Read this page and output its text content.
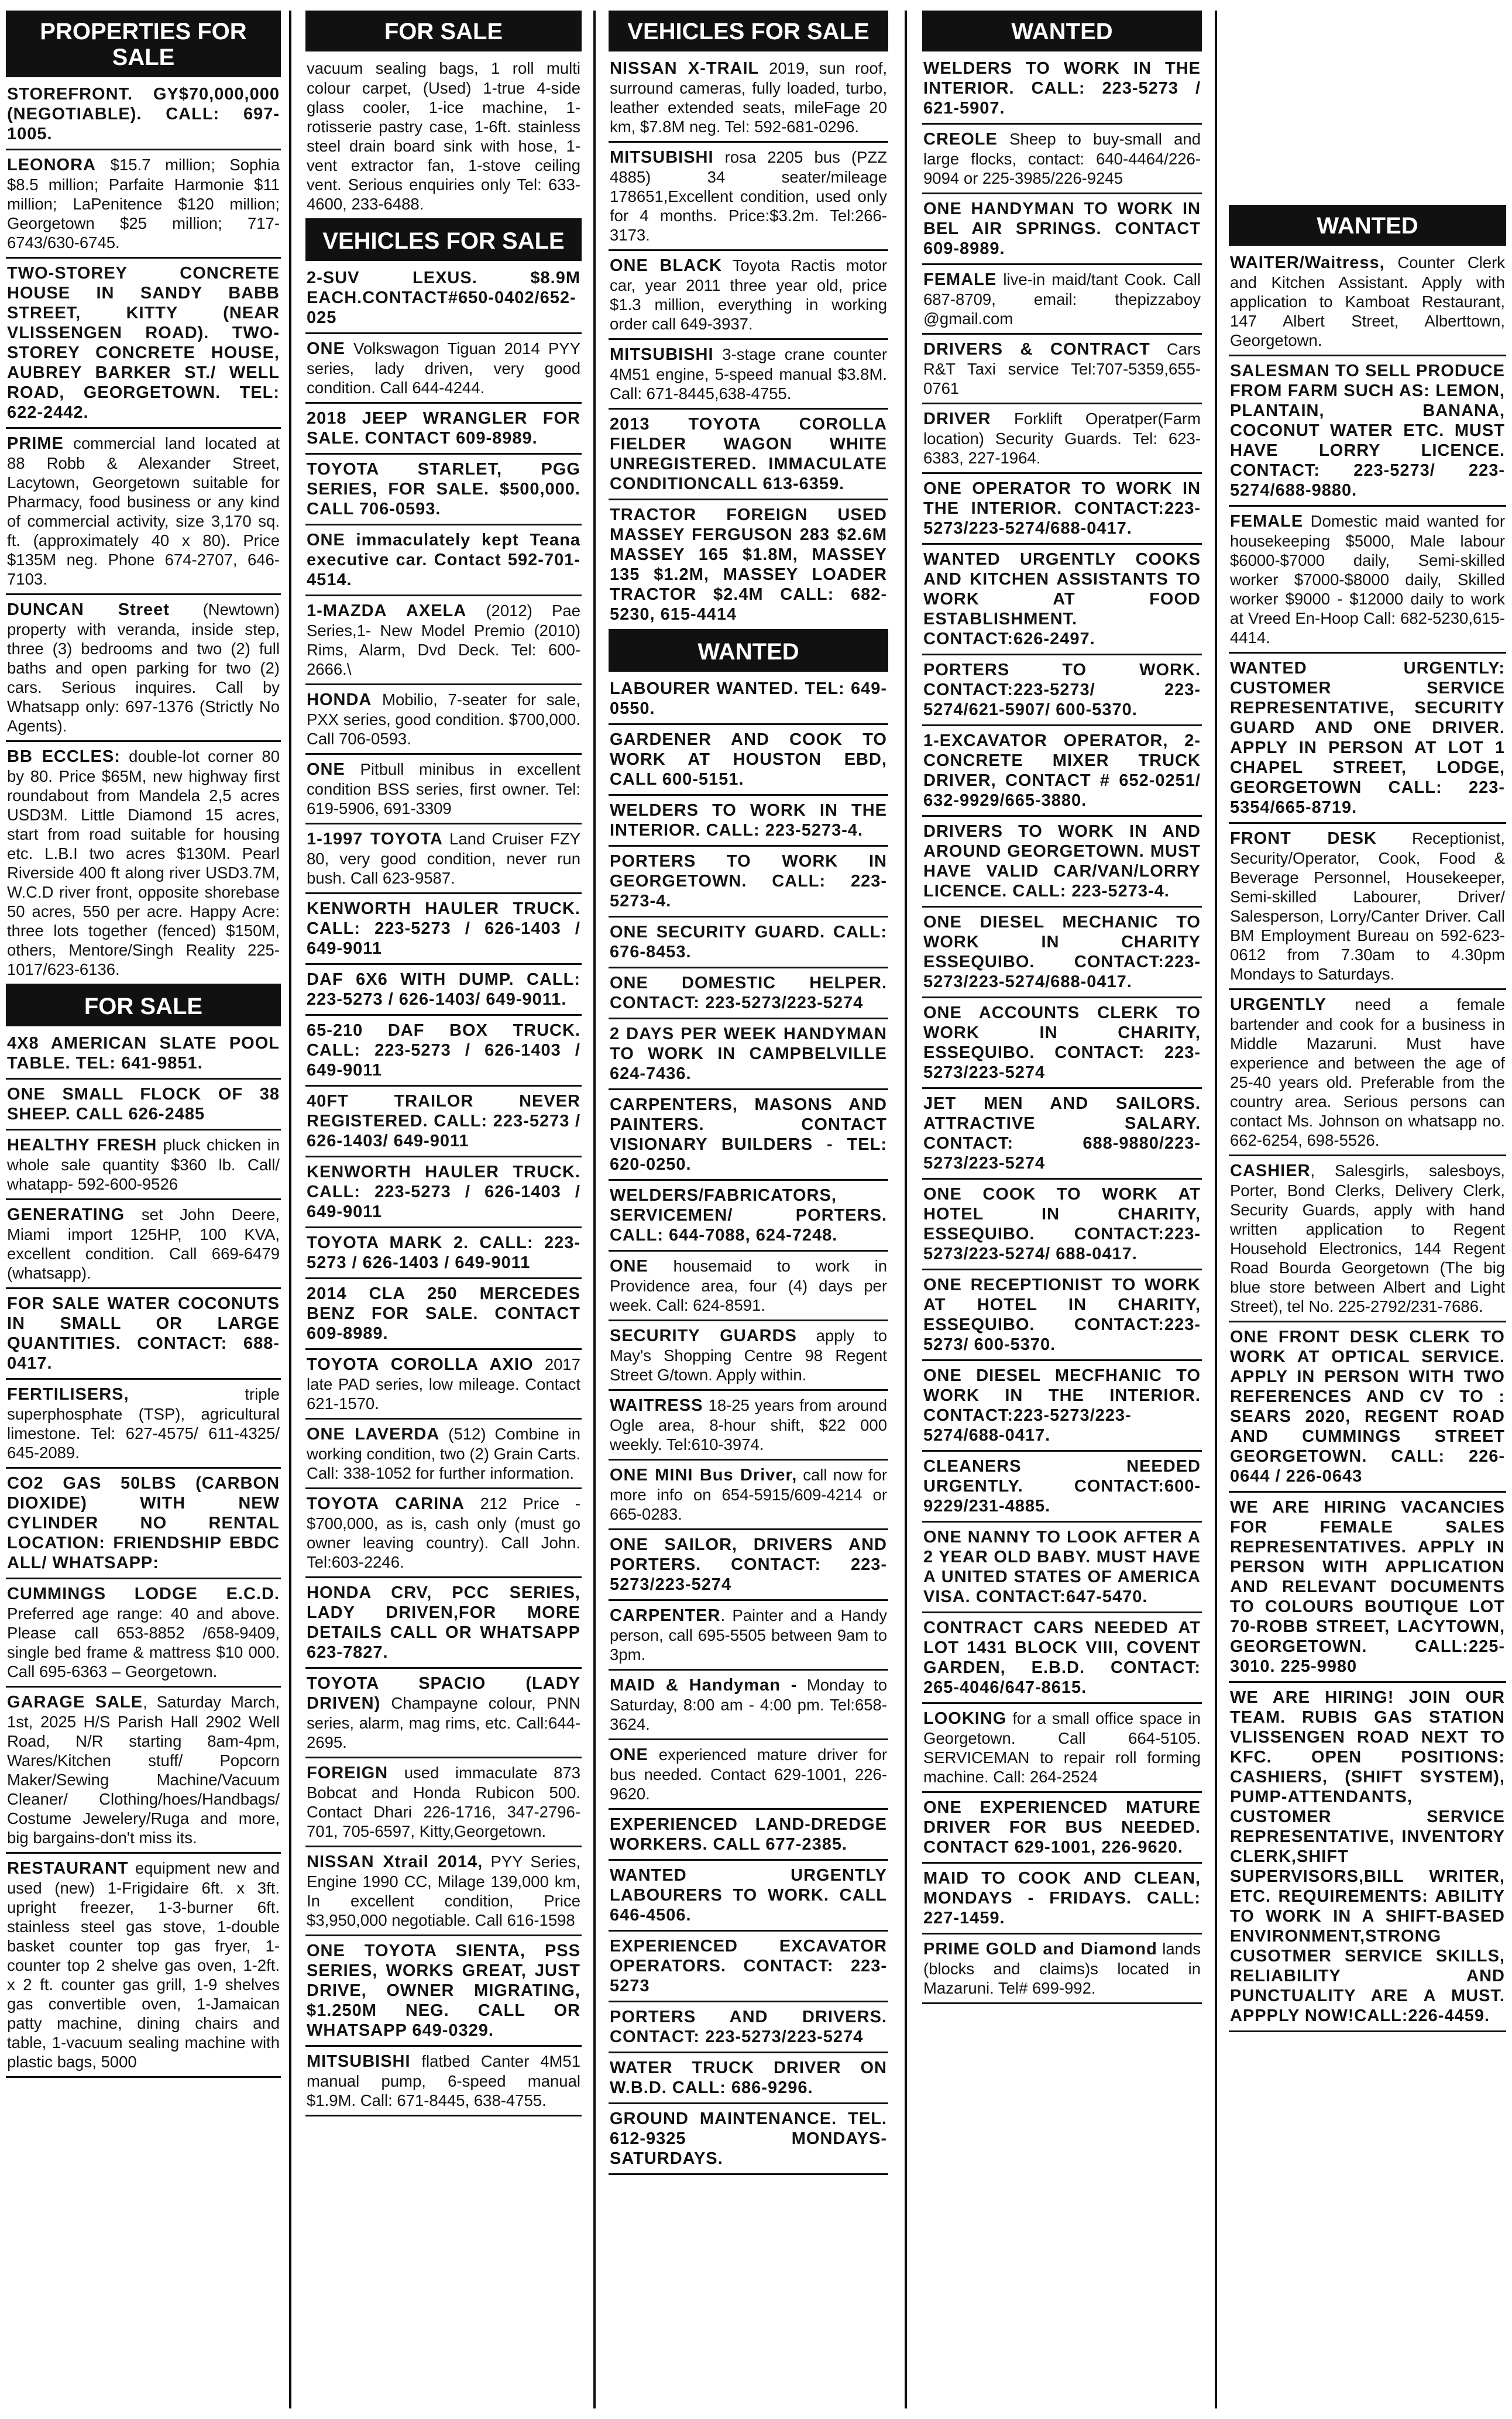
PROPERTIES FOR SALE
STOREFRONT. GY$70,000,000 (NEGOTIABLE). CALL: 697-1005.
LEONORA $15.7 million; Sophia $8.5 million; Parfaite Harmonie $11 million; LaPenitence $120 million; Georgetown $25 million; 717-6743/630-6745.
TWO-STOREY CONCRETE HOUSE IN SANDY BABB STREET, KITTY (NEAR VLISSENGEN ROAD). TWO-STOREY CONCRETE HOUSE, AUBREY BARKER ST./ WELL ROAD, GEORGETOWN. TEL: 622-2442.
PRIME commercial land located at 88 Robb & Alexander Street, Lacytown, Georgetown suitable for Pharmacy, food business or any kind of commercial activity, size 3,170 sq. ft. (approximately 40 x 80). Price $135M neg. Phone 674-2707, 646-7103.
DUNCAN Street (Newtown) property with veranda, inside step, three (3) bedrooms and two (2) full baths and open parking for two (2) cars. Serious inquires. Call by Whatsapp only: 697-1376 (Strictly No Agents).
BB ECCLES: double-lot corner 80 by 80. Price $65M, new highway first roundabout from Mandela 2,5 acres USD3M. Little Diamond 15 acres, start from road suitable for housing etc. L.B.I two acres $130M. Pearl Riverside 400 ft along river USD3.7M, W.C.D river front, opposite shorebase 50 acres, 550 per acre. Happy Acre: three lots together (fenced) $150M, others, Mentore/Singh Reality 225-1017/623-6136.
FOR SALE
4X8 AMERICAN SLATE POOL TABLE. TEL: 641-9851.
ONE SMALL FLOCK OF 38 SHEEP. CALL 626-2485
HEALTHY FRESH pluck chicken in whole sale quantity $360 lb. Call/ whatapp- 592-600-9526
GENERATING set John Deere, Miami import 125HP, 100 KVA, excellent condition. Call 669-6479 (whatsapp).
FOR SALE WATER COCONUTS IN SMALL OR LARGE QUANTITIES. CONTACT: 688-0417.
FERTILISERS, triple superphosphate (TSP), agricultural limestone. Tel: 627-4575/ 611-4325/ 645-2089.
CO2 GAS 50LBS (CARBON DIOXIDE) WITH NEW CYLINDER NO RENTAL LOCATION: FRIENDSHIP EBDC ALL/ WHATSAPP:
CUMMINGS LODGE E.C.D. Preferred age range: 40 and above. Please call 653-8852 /658-9409, single bed frame & mattress $10 000. Call 695-6363 – Georgetown.
GARAGE SALE, Saturday March, 1st, 2025 H/S Parish Hall 2902 Well Road, N/R starting 8am-4pm, Wares/Kitchen stuff/ Popcorn Maker/Sewing Machine/Vacuum Cleaner/ Clothing/hoes/Handbags/ Costume Jewelery/Ruga and more, big bargains-don't miss its.
RESTAURANT equipment new and used (new) 1-Frigidaire 6ft. x 3ft. upright freezer, 1-3-burner 6ft. stainless steel gas stove, 1-double basket counter top gas fryer, 1-counter top 2 shelve gas oven, 1-2ft. x 2 ft. counter gas grill, 1-9 shelves gas convertible oven, 1-Jamaican patty machine, dining chairs and table, 1-vacuum sealing machine with plastic bags, 5000
FOR SALE
vacuum sealing bags, 1 roll multi colour carpet, (Used) 1-true 4-side glass cooler, 1-ice machine, 1-rotisserie pastry case, 1-6ft. stainless steel drain board sink with hose, 1-vent extractor fan, 1-stove ceiling vent. Serious enquiries only Tel: 633-4600, 233-6488.
VEHICLES FOR SALE
2-SUV LEXUS. $8.9M EACH.CONTACT#650-0402/652-025
ONE Volkswagon Tiguan 2014 PYY series, lady driven, very good condition. Call 644-4244.
2018 JEEP WRANGLER FOR SALE. CONTACT 609-8989.
TOYOTA STARLET, PGG SERIES, FOR SALE. $500,000. CALL 706-0593.
ONE immaculately kept Teana executive car. Contact 592-701-4514.
1-MAZDA AXELA (2012) Pae Series,1- New Model Premio (2010) Rims, Alarm, Dvd Deck. Tel: 600-2666.\
HONDA Mobilio, 7-seater for sale, PXX series, good condition. $700,000. Call 706-0593.
ONE Pitbull minibus in excellent condition BSS series, first owner. Tel: 619-5906, 691-3309
1-1997 TOYOTA Land Cruiser FZY 80, very good condition, never run bush. Call 623-9587.
KENWORTH HAULER TRUCK. CALL: 223-5273 / 626-1403 / 649-9011
DAF 6X6 WITH DUMP. CALL: 223-5273 / 626-1403/ 649-9011.
65-210 DAF BOX TRUCK. CALL: 223-5273 / 626-1403 / 649-9011
40FT TRAILOR NEVER REGISTERED. CALL: 223-5273 / 626-1403/ 649-9011
KENWORTH HAULER TRUCK. CALL: 223-5273 / 626-1403 / 649-9011
TOYOTA MARK 2. CALL: 223-5273 / 626-1403 / 649-9011
2014 CLA 250 MERCEDES BENZ FOR SALE. CONTACT 609-8989.
TOYOTA COROLLA AXIO 2017 late PAD series, low mileage. Contact 621-1570.
ONE LAVERDA (512) Combine in working condition, two (2) Grain Carts. Call: 338-1052 for further information.
TOYOTA CARINA 212 Price - $700,000, as is, cash only (must go owner leaving country). Call John. Tel:603-2246.
HONDA CRV, PCC SERIES, LADY DRIVEN,FOR MORE DETAILS CALL OR WHATSAPP 623-7827.
TOYOTA SPACIO (LADY DRIVEN) Champayne colour, PNN series, alarm, mag rims, etc. Call:644-2695.
FOREIGN used immaculate 873 Bobcat and Honda Rubicon 500. Contact Dhari 226-1716, 347-2796-701, 705-6597, Kitty,Georgetown.
NISSAN Xtrail 2014, PYY Series, Engine 1990 CC, Milage 139,000 km, In excellent condition, Price $3,950,000 negotiable. Call 616-1598
ONE TOYOTA SIENTA, PSS SERIES, WORKS GREAT, JUST DRIVE, OWNER MIGRATING, $1.250M NEG. CALL OR WHATSAPP 649-0329.
MITSUBISHI flatbed Canter 4M51 manual pump, 6-speed manual $1.9M. Call: 671-8445, 638-4755.
VEHICLES FOR SALE
NISSAN X-TRAIL 2019, sun roof, surround cameras, fully loaded, turbo, leather extended seats, mileFage 20 km, $7.8M neg. Tel: 592-681-0296.
MITSUBISHI rosa 2205 bus (PZZ 4885) 34 seater/mileage 178651,Excellent condition, used only for 4 months. Price:$3.2m. Tel:266-3173.
ONE BLACK Toyota Ractis motor car, year 2011 three year old, price $1.3 million, everything in working order call 649-3937.
MITSUBISHI 3-stage crane counter 4M51 engine, 5-speed manual $3.8M. Call: 671-8445,638-4755.
2013 TOYOTA COROLLA FIELDER WAGON WHITE UNREGISTERED. IMMACULATE CONDITIONCALL 613-6359.
TRACTOR FOREIGN USED MASSEY FERGUSON 283 $2.6M MASSEY 165 $1.8M, MASSEY 135 $1.2M, MASSEY LOADER TRACTOR $2.4M CALL: 682-5230, 615-4414
WANTED
LABOURER WANTED. TEL: 649-0550.
GARDENER AND COOK TO WORK AT HOUSTON EBD, CALL 600-5151.
WELDERS TO WORK IN THE INTERIOR. CALL: 223-5273-4.
PORTERS TO WORK IN GEORGETOWN. CALL: 223-5273-4.
ONE SECURITY GUARD. CALL: 676-8453.
ONE DOMESTIC HELPER. CONTACT: 223-5273/223-5274
2 DAYS PER WEEK HANDYMAN TO WORK IN CAMPBELVILLE 624-7436.
CARPENTERS, MASONS AND PAINTERS. CONTACT VISIONARY BUILDERS - TEL: 620-0250.
WELDERS/FABRICATORS, SERVICEMEN/ PORTERS. CALL: 644-7088, 624-7248.
ONE housemaid to work in Providence area, four (4) days per week. Call: 624-8591.
SECURITY GUARDS apply to May's Shopping Centre 98 Regent Street G/town. Apply within.
WAITRESS 18-25 years from around Ogle area, 8-hour shift, $22 000 weekly. Tel:610-3974.
ONE MINI Bus Driver, call now for more info on 654-5915/609-4214 or 665-0283.
ONE SAILOR, DRIVERS AND PORTERS. CONTACT: 223-5273/223-5274
CARPENTER. Painter and a Handy person, call 695-5505 between 9am to 3pm.
MAID & Handyman - Monday to Saturday, 8:00 am - 4:00 pm. Tel:658-3624.
ONE experienced mature driver for bus needed. Contact 629-1001, 226-9620.
EXPERIENCED LAND-DREDGE WORKERS. CALL 677-2385.
WANTED URGENTLY LABOURERS TO WORK. CALL 646-4506.
EXPERIENCED EXCAVATOR OPERATORS. CONTACT: 223-5273
PORTERS AND DRIVERS. CONTACT: 223-5273/223-5274
WATER TRUCK DRIVER ON W.B.D. CALL: 686-9296.
GROUND MAINTENANCE. TEL. 612-9325 MONDAYS-SATURDAYS.
WANTED
WELDERS TO WORK IN THE INTERIOR. CALL: 223-5273 / 621-5907.
CREOLE Sheep to buy-small and large flocks, contact: 640-4464/226-9094 or 225-3985/226-9245
ONE HANDYMAN TO WORK IN BEL AIR SPRINGS. CONTACT 609-8989.
FEMALE live-in maid/tant Cook. Call 687-8709, email: thepizzaboy @gmail.com
DRIVERS & CONTRACT Cars R&T Taxi service Tel:707-5359,655-0761
DRIVER Forklift Operatper(Farm location) Security Guards. Tel: 623-6383, 227-1964.
ONE OPERATOR TO WORK IN THE INTERIOR. CONTACT:223-5273/223-5274/688-0417.
WANTED URGENTLY COOKS AND KITCHEN ASSISTANTS TO WORK AT FOOD ESTABLISHMENT. CONTACT:626-2497.
PORTERS TO WORK. CONTACT:223-5273/ 223-5274/621-5907/ 600-5370.
1-EXCAVATOR OPERATOR, 2- CONCRETE MIXER TRUCK DRIVER, CONTACT # 652-0251/ 632-9929/665-3880.
DRIVERS TO WORK IN AND AROUND GEORGETOWN. MUST HAVE VALID CAR/VAN/LORRY LICENCE. CALL: 223-5273-4.
ONE DIESEL MECHANIC TO WORK IN CHARITY ESSEQUIBO. CONTACT:223-5273/223-5274/688-0417.
ONE ACCOUNTS CLERK TO WORK IN CHARITY, ESSEQUIBO. CONTACT: 223-5273/223-5274
JET MEN AND SAILORS. ATTRACTIVE SALARY. CONTACT: 688-9880/223-5273/223-5274
ONE COOK TO WORK AT HOTEL IN CHARITY, ESSEQUIBO. CONTACT:223-5273/223-5274/ 688-0417.
ONE RECEPTIONIST TO WORK AT HOTEL IN CHARITY, ESSEQUIBO. CONTACT:223-5273/ 600-5370.
ONE DIESEL MECFHANIC TO WORK IN THE INTERIOR. CONTACT:223-5273/223-5274/688-0417.
CLEANERS NEEDED URGENTLY. CONTACT:600-9229/231-4885.
ONE NANNY TO LOOK AFTER A 2 YEAR OLD BABY. MUST HAVE A UNITED STATES OF AMERICA VISA. CONTACT:647-5470.
CONTRACT CARS NEEDED AT LOT 1431 BLOCK VIII, COVENT GARDEN, E.B.D. CONTACT: 265-4046/647-8615.
LOOKING for a small office space in Georgetown. Call 664-5105. SERVICEMAN to repair roll forming machine. Call: 264-2524
ONE EXPERIENCED MATURE DRIVER FOR BUS NEEDED. CONTACT 629-1001, 226-9620.
MAID TO COOK AND CLEAN, MONDAYS - FRIDAYS. CALL: 227-1459.
PRIME GOLD and Diamond lands (blocks and claims)s located in Mazaruni. Tel# 699-992.
WANTED
WAITER/Waitress, Counter Clerk and Kitchen Assistant. Apply with application to Kamboat Restaurant, 147 Albert Street, Alberttown, Georgetown.
SALESMAN TO SELL PRODUCE FROM FARM SUCH AS: LEMON, PLANTAIN, BANANA, COCONUT WATER ETC. MUST HAVE LORRY LICENCE. CONTACT: 223-5273/ 223-5274/688-9880.
FEMALE Domestic maid wanted for housekeeping $5000, Male labour $6000-$7000 daily, Semi-skilled worker $7000-$8000 daily, Skilled worker $9000 - $12000 daily to work at Vreed En-Hoop Call: 682-5230,615- 4414.
WANTED URGENTLY: CUSTOMER SERVICE REPRESENTATIVE, SECURITY GUARD AND ONE DRIVER. APPLY IN PERSON AT LOT 1 CHAPEL STREET, LODGE, GEORGETOWN CALL: 223-5354/665-8719.
FRONT DESK Receptionist, Security/Operator, Cook, Food & Beverage Personnel, Housekeeper, Semi-skilled Labourer, Driver/ Salesperson, Lorry/Canter Driver. Call BM Employment Bureau on 592-623-0612 from 7.30am to 4.30pm Mondays to Saturdays.
URGENTLY need a female bartender and cook for a business in Middle Mazaruni. Must have experience and between the age of 25-40 years old. Preferable from the country area. Serious persons can contact Ms. Johnson on whatsapp no. 662-6254, 698-5526.
CASHIER, Salesgirls, salesboys, Porter, Bond Clerks, Delivery Clerk, Security Guards, apply with hand written application to Regent Household Electronics, 144 Regent Road Bourda Georgetown (The big blue store between Albert and Light Street), tel No. 225-2792/231-7686.
ONE FRONT DESK CLERK TO WORK AT OPTICAL SERVICE. APPLY IN PERSON WITH TWO REFERENCES AND CV TO : SEARS 2020, REGENT ROAD AND CUMMINGS STREET GEORGETOWN. CALL: 226-0644 / 226-0643
WE ARE HIRING VACANCIES FOR FEMALE SALES REPRESENTATIVES. APPLY IN PERSON WITH APPLICATION AND RELEVANT DOCUMENTS TO COLOURS BOUTIQUE LOT 70-ROBB STREET, LACYTOWN, GEORGETOWN. CALL:225-3010. 225-9980
WE ARE HIRING! JOIN OUR TEAM. RUBIS GAS STATION VLISSENGEN ROAD NEXT TO KFC. OPEN POSITIONS: CASHIERS, (SHIFT SYSTEM), PUMP-ATTENDANTS, CUSTOMER SERVICE REPRESENTATIVE, INVENTORY CLERK,SHIFT SUPERVISORS,BILL WRITER, ETC. REQUIREMENTS: ABILITY TO WORK IN A SHIFT-BASED ENVIRONMENT,STRONG CUSOTMER SERVICE SKILLS, RELIABILITY AND PUNCTUALITY ARE A MUST. APPPLY NOW!CALL:226-4459.
